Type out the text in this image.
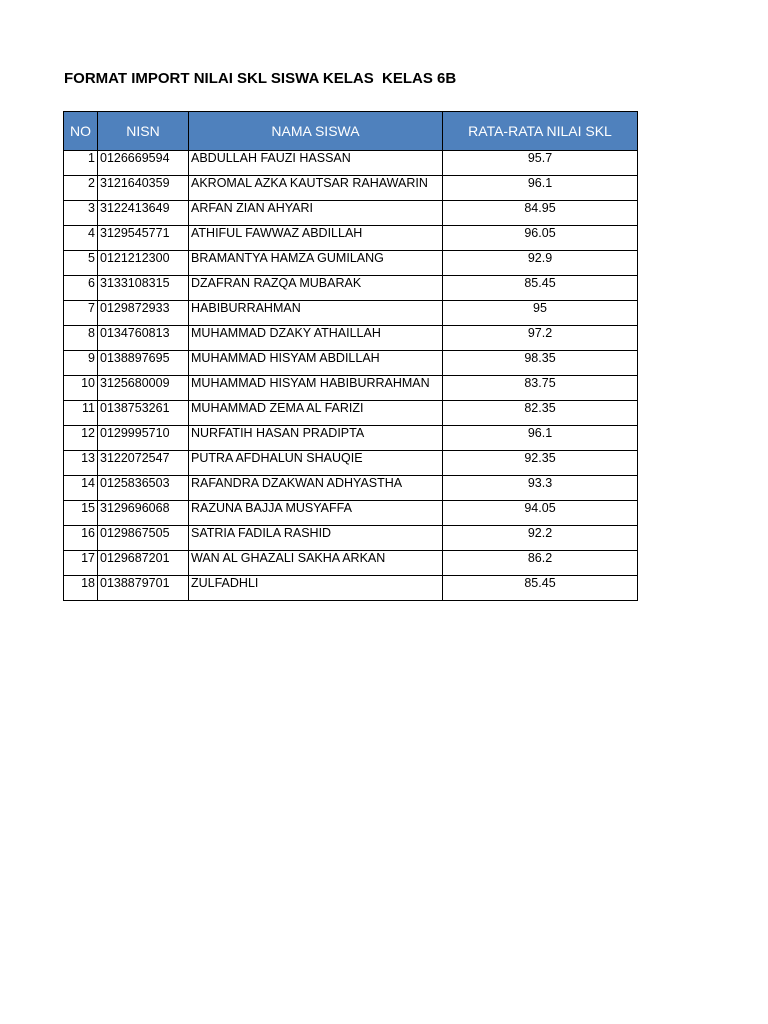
FORMAT IMPORT NILAI SKL SISWA KELAS  KELAS 6B
NO	NISN	NAMA SISWA	RATA-RATA NILAI SKL
1	0126669594	ABDULLAH FAUZI HASSAN	95.7
2	3121640359	AKROMAL AZKA KAUTSAR RAHAWARIN	96.1
3	3122413649	ARFAN ZIAN AHYARI	84.95
4	3129545771	ATHIFUL FAWWAZ ABDILLAH	96.05
5	0121212300	BRAMANTYA HAMZA GUMILANG	92.9
6	3133108315	DZAFRAN RAZQA MUBARAK	85.45
7	0129872933	HABIBURRAHMAN	95
8	0134760813	MUHAMMAD DZAKY ATHAILLAH	97.2
9	0138897695	MUHAMMAD HISYAM ABDILLAH	98.35
10	3125680009	MUHAMMAD HISYAM HABIBURRAHMAN	83.75
11	0138753261	MUHAMMAD ZEMA AL FARIZI	82.35
12	0129995710	NURFATIH HASAN PRADIPTA	96.1
13	3122072547	PUTRA AFDHALUN SHAUQIE	92.35
14	0125836503	RAFANDRA DZAKWAN ADHYASTHA	93.3
15	3129696068	RAZUNA BAJJA MUSYAFFA	94.05
16	0129867505	SATRIA FADILA RASHID	92.2
17	0129687201	WAN AL GHAZALI SAKHA ARKAN	86.2
18	0138879701	ZULFADHLI	85.45
